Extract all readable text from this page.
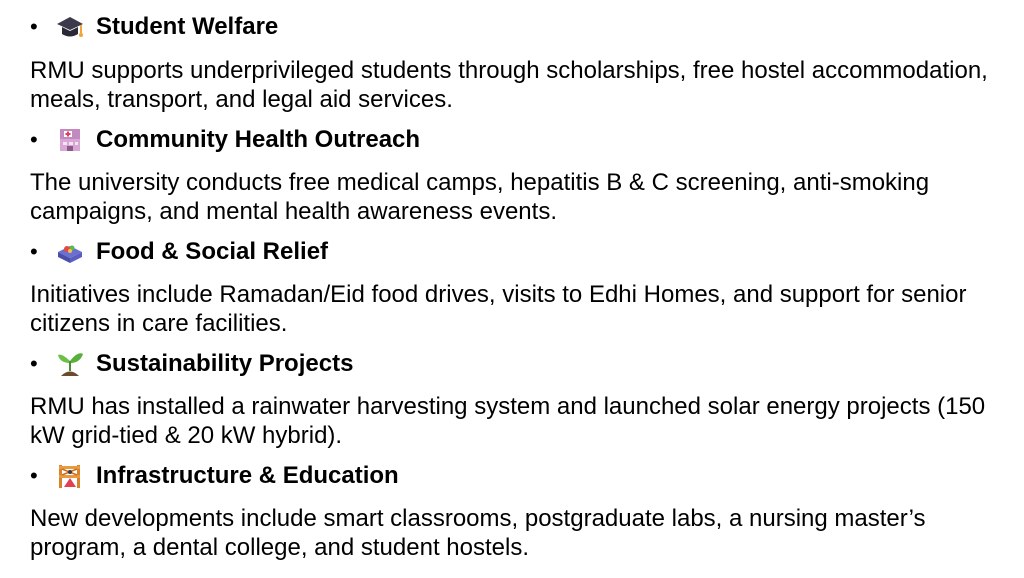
•	Student Welfare
RMU supports underprivileged students through scholarships, free hostel accommodation, meals, transport, and legal aid services.
•	Community Health Outreach
The university conducts free medical camps, hepatitis B & C screening, anti-smoking campaigns, and mental health awareness events.
•	Food & Social Relief
Initiatives include Ramadan/Eid food drives, visits to Edhi Homes, and support for senior citizens in care facilities.
•	Sustainability Projects
RMU has installed a rainwater harvesting system and launched solar energy projects (150 kW grid-tied & 20 kW hybrid).
•	Infrastructure & Education
New developments include smart classrooms, postgraduate labs, a nursing master’s program, a dental college, and student hostels.
